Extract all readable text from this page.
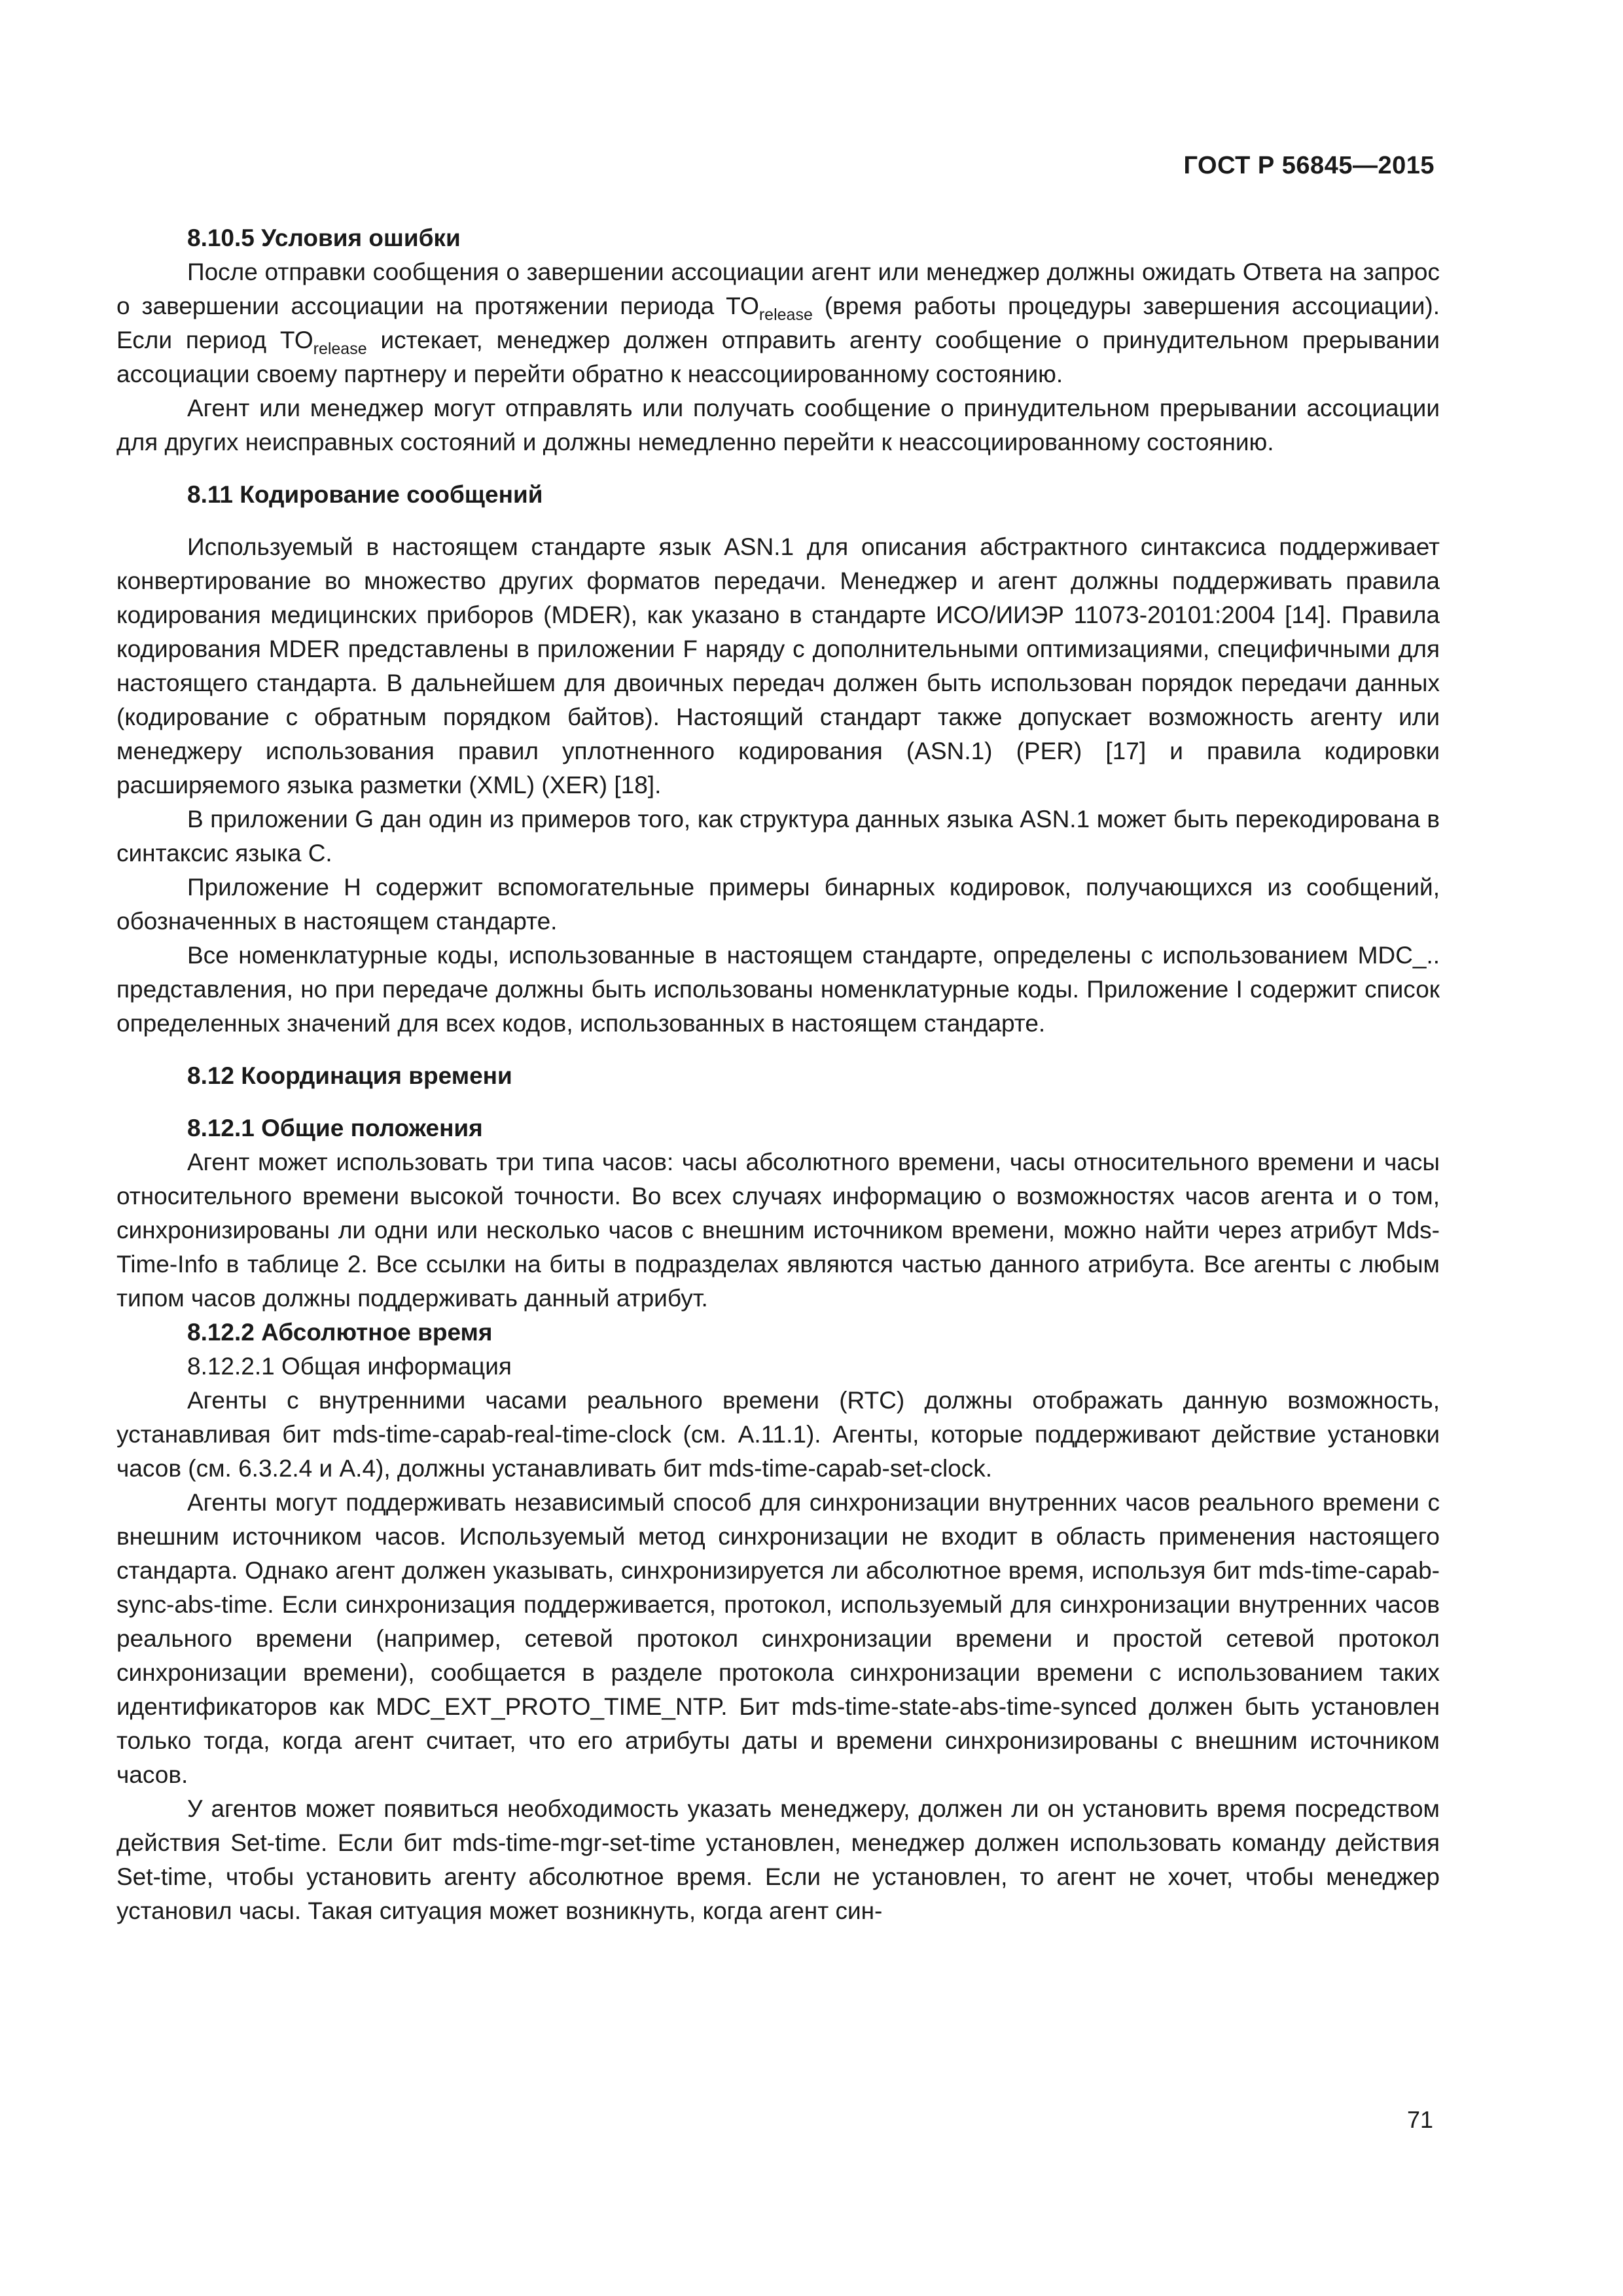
ГОСТ Р 56845—2015
8.10.5 Условия ошибки

После отправки сообщения о завершении ассоциации агент или менеджер должны ожидать Ответа на запрос о завершении ассоциации на протяжении периода $TO_{release}$ (время работы процедуры завершения ассоциации). Если период $TO_{release}$ истекает, менеджер должен отправить агенту сообщение о принудительном прерывании ассоциации своему партнеру и перейти обратно к неассоциированному состоянию.

Агент или менеджер могут отправлять или получать сообщение о принудительном прерывании ассоциации для других неисправных состояний и должны немедленно перейти к неассоциированному состоянию.

8.11 Кодирование сообщений

Используемый в настоящем стандарте язык ASN.1 для описания абстрактного синтаксиса поддерживает конвертирование во множество других форматов передачи. Менеджер и агент должны поддерживать правила кодирования медицинских приборов (MDER), как указано в стандарте ИСО/ИИЭР 11073-20101:2004 [14]. Правила кодирования MDER представлены в приложении F наряду с дополнительными оптимизациями, специфичными для настоящего стандарта. В дальнейшем для двоичных передач должен быть использован порядок передачи данных (кодирование с обратным порядком байтов). Настоящий стандарт также допускает возможность агенту или менеджеру использования правил уплотненного кодирования (ASN.1) (PER) [17] и правила кодировки расширяемого языка разметки (XML) (XER) [18].

В приложении G дан один из примеров того, как структура данных языка ASN.1 может быть перекодирована в синтаксис языка С.

Приложение Н содержит вспомогательные примеры бинарных кодировок, получающихся из сообщений, обозначенных в настоящем стандарте.

Все номенклатурные коды, использованные в настоящем стандарте, определены с использованием MDC_.. представления, но при передаче должны быть использованы номенклатурные коды. Приложение I содержит список определенных значений для всех кодов, использованных в настоящем стандарте.

8.12 Координация времени
8.12.1 Общие положения

Агент может использовать три типа часов: часы абсолютного времени, часы относительного времени и часы относительного времени высокой точности. Во всех случаях информацию о возможностях часов агента и о том, синхронизированы ли одни или несколько часов с внешним источником времени, можно найти через атрибут Mds-Time-Info в таблице 2. Все ссылки на биты в подразделах являются частью данного атрибута. Все агенты с любым типом часов должны поддерживать данный атрибут.

8.12.2 Абсолютное время
8.12.2.1 Общая информация

Агенты с внутренними часами реального времени (RTC) должны отображать данную возможность, устанавливая бит mds-time-capab-real-time-clock (см. А.11.1). Агенты, которые поддерживают действие установки часов (см. 6.3.2.4 и А.4), должны устанавливать бит mds-time-capab-set-clock.

Агенты могут поддерживать независимый способ для синхронизации внутренних часов реального времени с внешним источником часов. Используемый метод синхронизации не входит в область применения настоящего стандарта. Однако агент должен указывать, синхронизируется ли абсолютное время, используя бит mds-time-capab-sync-abs-time. Если синхронизация поддерживается, протокол, используемый для синхронизации внутренних часов реального времени (например, сетевой протокол синхронизации времени и простой сетевой протокол синхронизации времени), сообщается в разделе протокола синхронизации времени с использованием таких идентификаторов как MDC_EXT_PROTO_TIME_NTP. Бит mds-time-state-abs-time-synced должен быть установлен только тогда, когда агент считает, что его атрибуты даты и времени синхронизированы с внешним источником часов.

У агентов может появиться необходимость указать менеджеру, должен ли он установить время посредством действия Set-time. Если бит mds-time-mgr-set-time установлен, менеджер должен использовать команду действия Set-time, чтобы установить агенту абсолютное время. Если не установлен, то агент не хочет, чтобы менеджер установил часы. Такая ситуация может возникнуть, когда агент син-

71
